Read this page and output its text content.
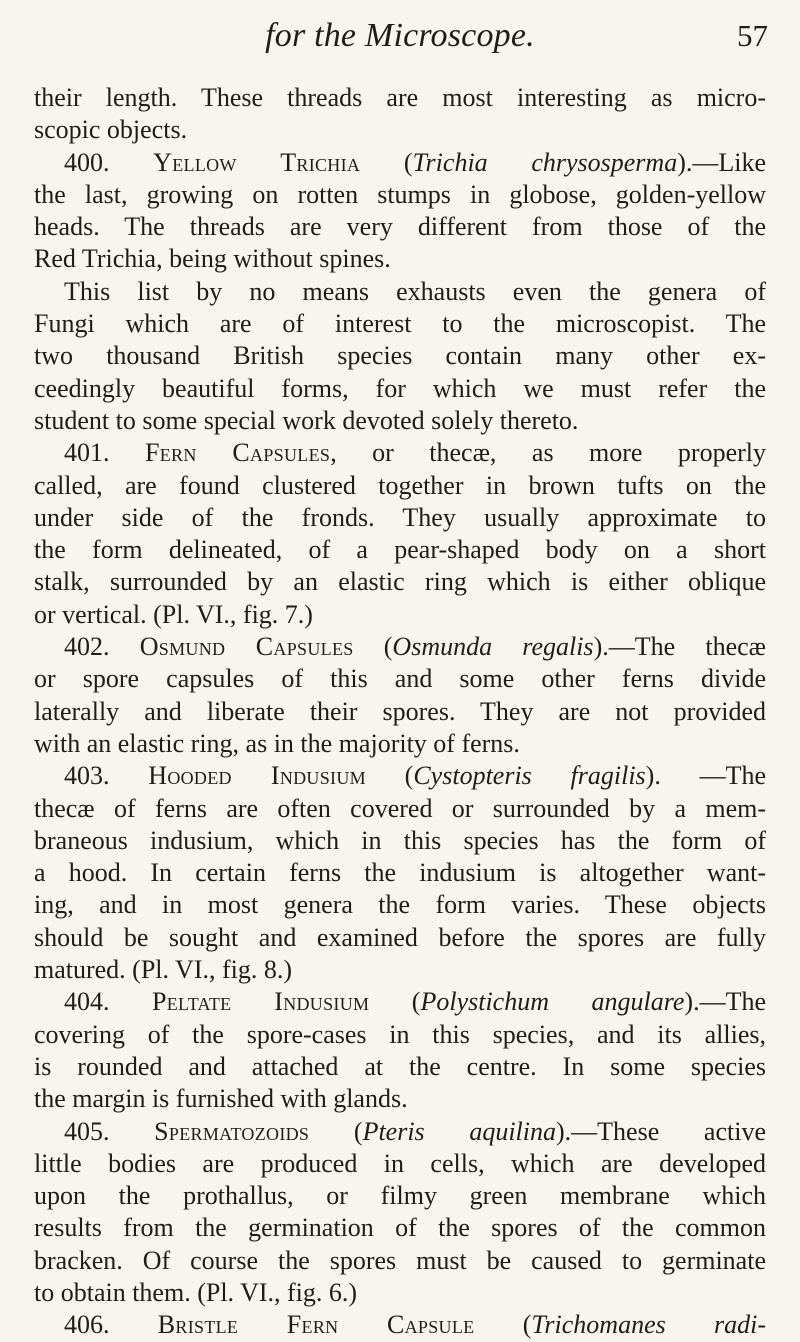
for the Microscope.	57
their length. These threads are most interesting as micro-
scopic objects.
400. Yellow Trichia (Trichia chrysosperma).—Like
the last, growing on rotten stumps in globose, golden-yellow
heads. The threads are very different from those of the
Red Trichia, being without spines.
This list by no means exhausts even the genera of
Fungi which are of interest to the microscopist. The
two thousand British species contain many other ex-
ceedingly beautiful forms, for which we must refer the
student to some special work devoted solely thereto.
401. Fern Capsules, or thecæ, as more properly
called, are found clustered together in brown tufts on the
under side of the fronds. They usually approximate to
the form delineated, of a pear-shaped body on a short
stalk, surrounded by an elastic ring which is either oblique
or vertical. (Pl. VI., fig. 7.)
402. Osmund Capsules (Osmunda regalis).—The thecæ
or spore capsules of this and some other ferns divide
laterally and liberate their spores. They are not provided
with an elastic ring, as in the majority of ferns.
403. Hooded Indusium (Cystopteris fragilis). —The
thecæ of ferns are often covered or surrounded by a mem-
braneous indusium, which in this species has the form of
a hood. In certain ferns the indusium is altogether want-
ing, and in most genera the form varies. These objects
should be sought and examined before the spores are fully
matured. (Pl. VI., fig. 8.)
404. Peltate Indusium (Polystichum angulare).—The
covering of the spore-cases in this species, and its allies,
is rounded and attached at the centre. In some species
the margin is furnished with glands.
405. Spermatozoids (Pteris aquilina).—These active
little bodies are produced in cells, which are developed
upon the prothallus, or filmy green membrane which
results from the germination of the spores of the common
bracken. Of course the spores must be caused to germinate
to obtain them. (Pl. VI., fig. 6.)
406. Bristle Fern Capsule (Trichomanes radi-
